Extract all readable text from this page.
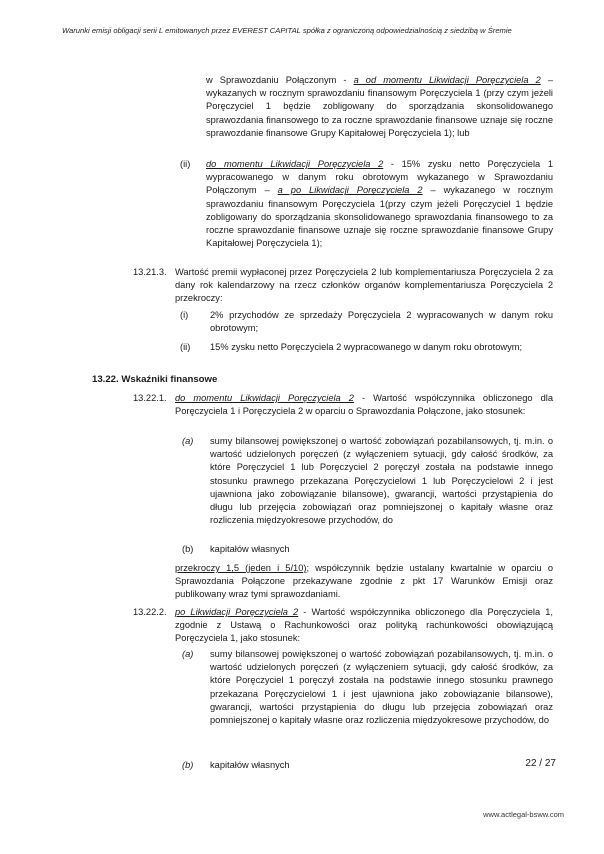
Warunki emisji obligacji serii L emitowanych przez EVEREST CAPITAL spółka z ograniczoną odpowiedzialnością z siedzibą w Śremie
w Sprawozdaniu Połączonym - a od momentu Likwidacji Poręczyciela 2 – wykazanych w rocznym sprawozdaniu finansowym Poręczyciela 1 (przy czym jeżeli Poręczyciel 1 będzie zobligowany do sporządzania skonsolidowanego sprawozdania finansowego to za roczne sprawozdanie finansowe uznaje się roczne sprawozdanie finansowe Grupy Kapitałowej Poręczyciela 1); lub
(ii) do momentu Likwidacji Poręczyciela 2 - 15% zysku netto Poręczyciela 1 wypracowanego w danym roku obrotowym wykazanego w Sprawozdaniu Połączonym – a po Likwidacji Poręczyciela 2 – wykazanego w rocznym sprawozdaniu finansowym Poręczyciela 1(przy czym jeżeli Poręczyciel 1 będzie zobligowany do sporządzania skonsolidowanego sprawozdania finansowego to za roczne sprawozdanie finansowe uznaje się roczne sprawozdanie finansowe Grupy Kapitałowej Poręczyciela 1);
13.21.3. Wartość premii wypłaconej przez Poręczyciela 2 lub komplementariusza Poręczyciela 2 za dany rok kalendarzowy na rzecz członków organów komplementariusza Poręczyciela 2 przekroczy:
(i) 2% przychodów ze sprzedaży Poręczyciela 2 wypracowanych w danym roku obrotowym;
(ii) 15% zysku netto Poręczyciela 2 wypracowanego w danym roku obrotowym;
13.22. Wskaźniki finansowe
13.22.1. do momentu Likwidacji Poręczyciela 2 - Wartość współczynnika obliczonego dla Poręczyciela 1 i Poręczyciela 2 w oparciu o Sprawozdania Połączone, jako stosunek:
(a) sumy bilansowej powiększonej o wartość zobowiązań pozabilansowych, tj. m.in. o wartość udzielonych poręczeń (z wyłączeniem sytuacji, gdy całość środków, za które Poręczyciel 1 lub Poręczyciel 2 poręczył została na podstawie innego stosunku prawnego przekazana Poręczycielowi 1 lub Poręczycielowi 2 i jest ujawniona jako zobowiązanie bilansowe), gwarancji, wartości przystąpienia do długu lub przejęcia zobowiązań oraz pomniejszonej o kapitały własne oraz rozliczenia międzyokresowe przychodów, do
(b) kapitałów własnych
przekroczy 1,5 (jeden i 5/10); współczynnik będzie ustalany kwartalnie w oparciu o Sprawozdania Połączone przekazywane zgodnie z pkt 17 Warunków Emisji oraz publikowany wraz tymi sprawozdaniami.
13.22.2. po Likwidacji Poręczyciela 2 - Wartość współczynnika obliczonego dla Poręczyciela 1, zgodnie z Ustawą o Rachunkowości oraz polityką rachunkowości obowiązującą Poręczyciela 1, jako stosunek:
(a) sumy bilansowej powiększonej o wartość zobowiązań pozabilansowych, tj. m.in. o wartość udzielonych poręczeń (z wyłączeniem sytuacji, gdy całość środków, za które Poręczyciel 1 poręczył została na podstawie innego stosunku prawnego przekazana Poręczycielowi 1 i jest ujawniona jako zobowiązanie bilansowe), gwarancji, wartości przystąpienia do długu lub przejęcia zobowiązań oraz pomniejszonej o kapitały własne oraz rozliczenia międzyokresowe przychodów, do
(b) kapitałów własnych	22 / 27
www.actlegal-bsww.com
